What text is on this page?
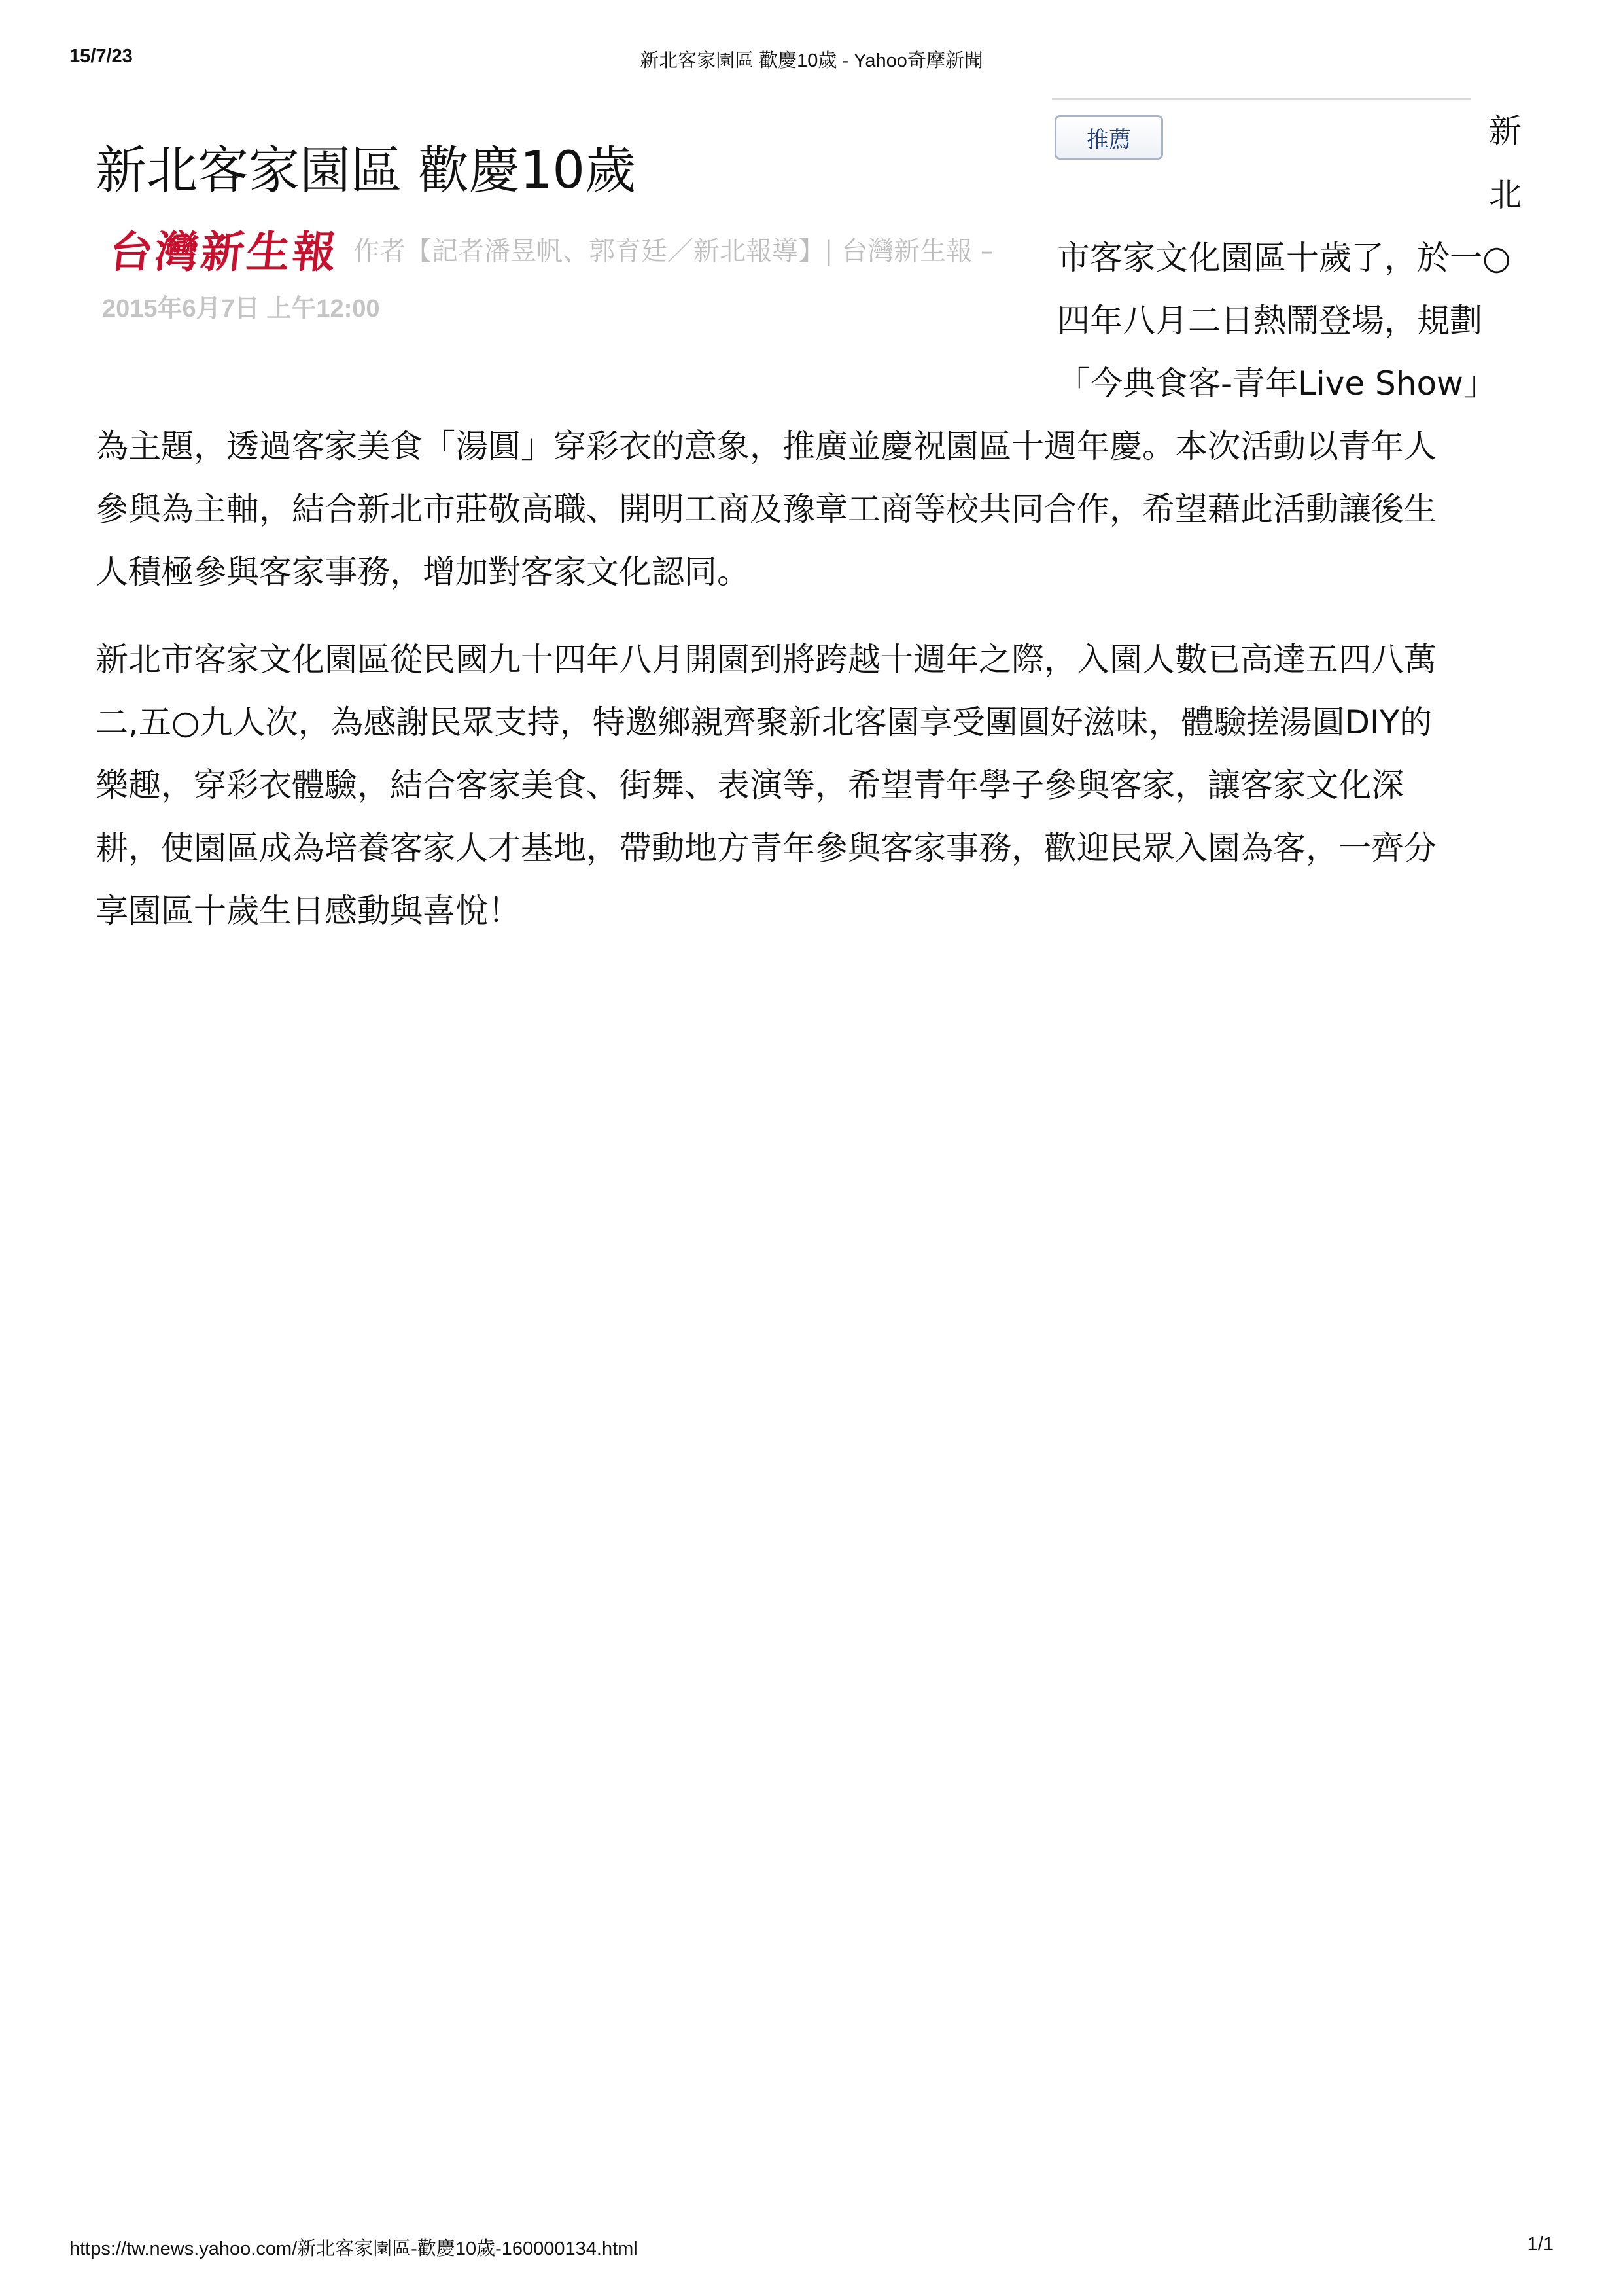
15/7/23	新北客家園區 歡慶10歲 - Yahoo奇摩新聞
新北客家園區 歡慶10歲
台灣新生報 作者【記者潘昱帆、郭育廷／新北報導】| 台灣新生報 –
2015年6月7日 上午12:00
推薦	新
北
市客家文化園區十歲了，於一○
四年八月二日熱鬧登場，規劃
「今典食客-青年Live Show」
為主題，透過客家美食「湯圓」穿彩衣的意象，推廣並慶祝園區十週年慶。本次活動以青年人
參與為主軸，結合新北市莊敬高職、開明工商及豫章工商等校共同合作，希望藉此活動讓後生
人積極參與客家事務，增加對客家文化認同。
新北市客家文化園區從民國九十四年八月開園到將跨越十週年之際，入園人數已高達五四八萬
二,五○九人次，為感謝民眾支持，特邀鄉親齊聚新北客園享受團圓好滋味，體驗搓湯圓DIY的
樂趣，穿彩衣體驗，結合客家美食、街舞、表演等，希望青年學子參與客家，讓客家文化深
耕，使園區成為培養客家人才基地，帶動地方青年參與客家事務，歡迎民眾入園為客，一齊分
享園區十歲生日感動與喜悅！
https://tw.news.yahoo.com/新北客家園區-歡慶10歲-160000134.html	1/1
